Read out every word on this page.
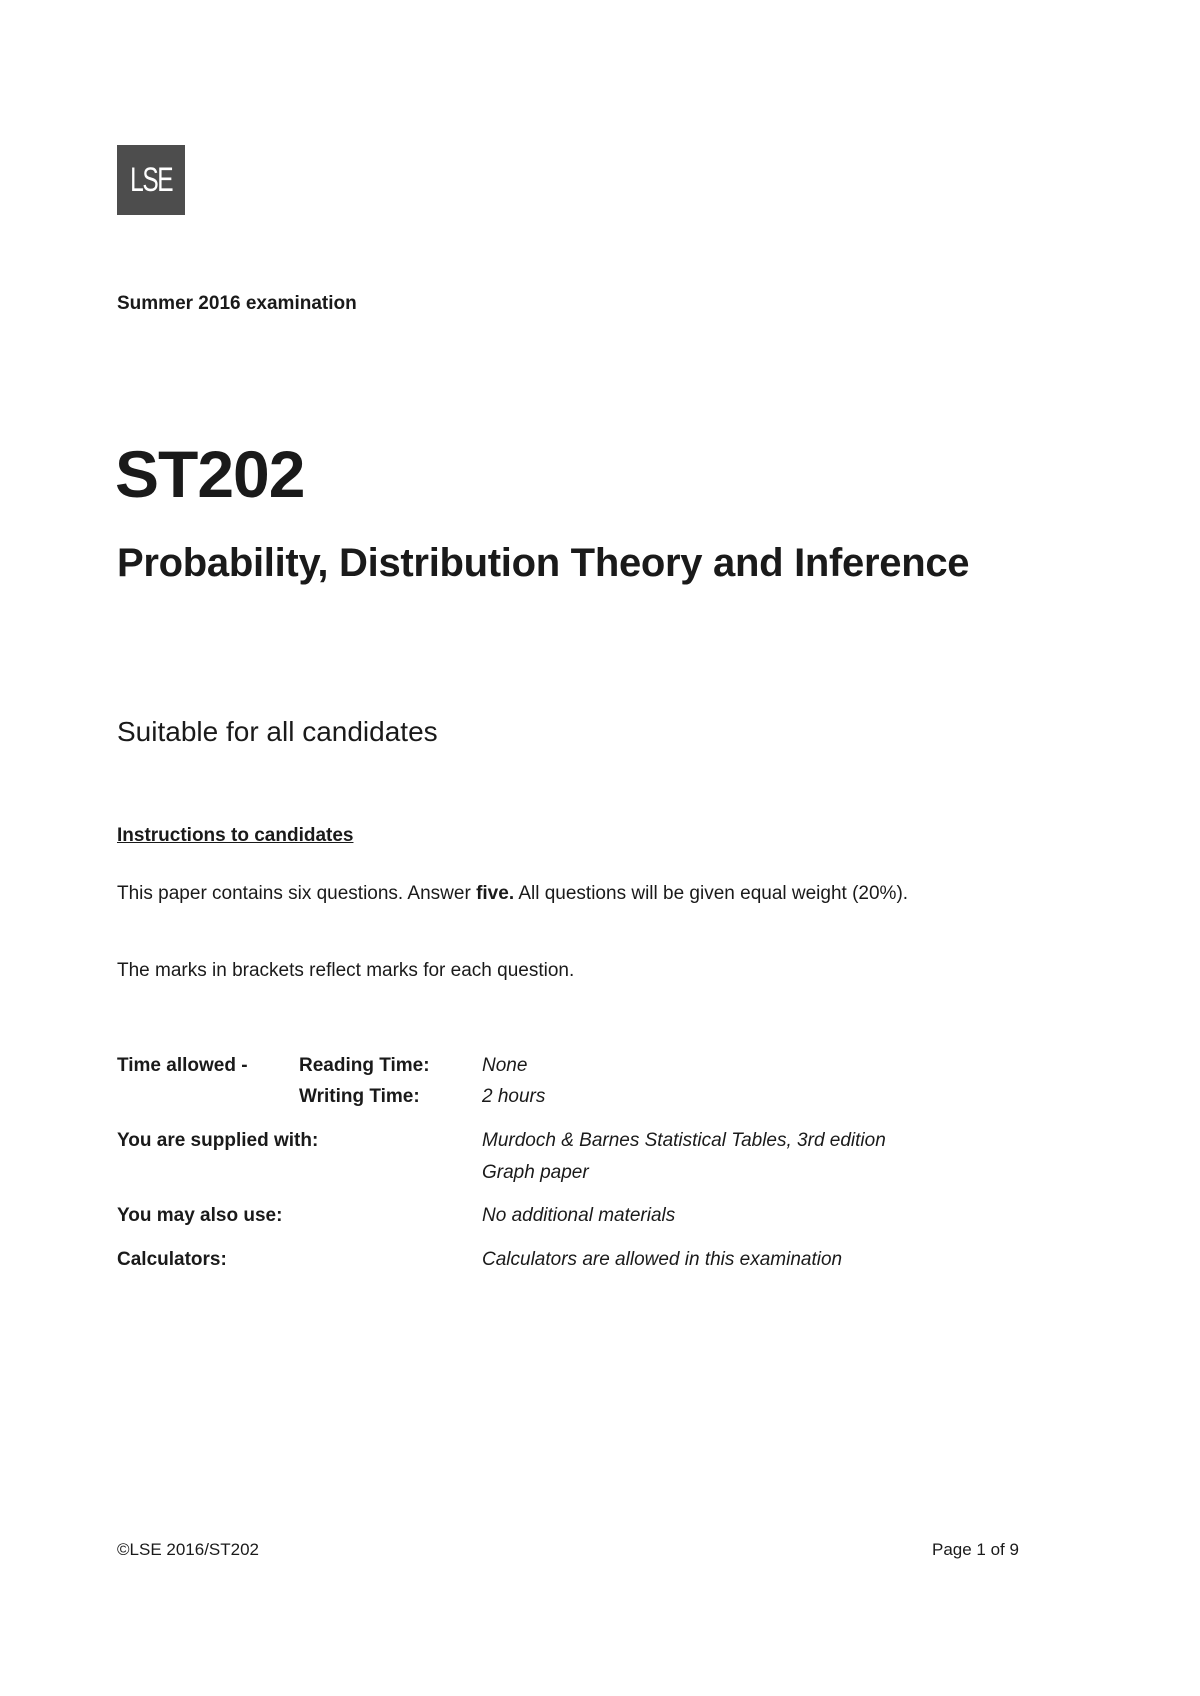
LSE
Summer 2016 examination
ST202
Probability, Distribution Theory and Inference
Suitable for all candidates
Instructions to candidates
This paper contains six questions. Answer five. All questions will be given equal weight (20%).
The marks in brackets reflect marks for each question.
Time allowed -	Reading Time:	None
Writing Time:	2 hours
You are supplied with:	Murdoch & Barnes Statistical Tables, 3rd edition
Graph paper
You may also use:	No additional materials
Calculators:	Calculators are allowed in this examination
©LSE 2016/ST202	Page 1 of 9
